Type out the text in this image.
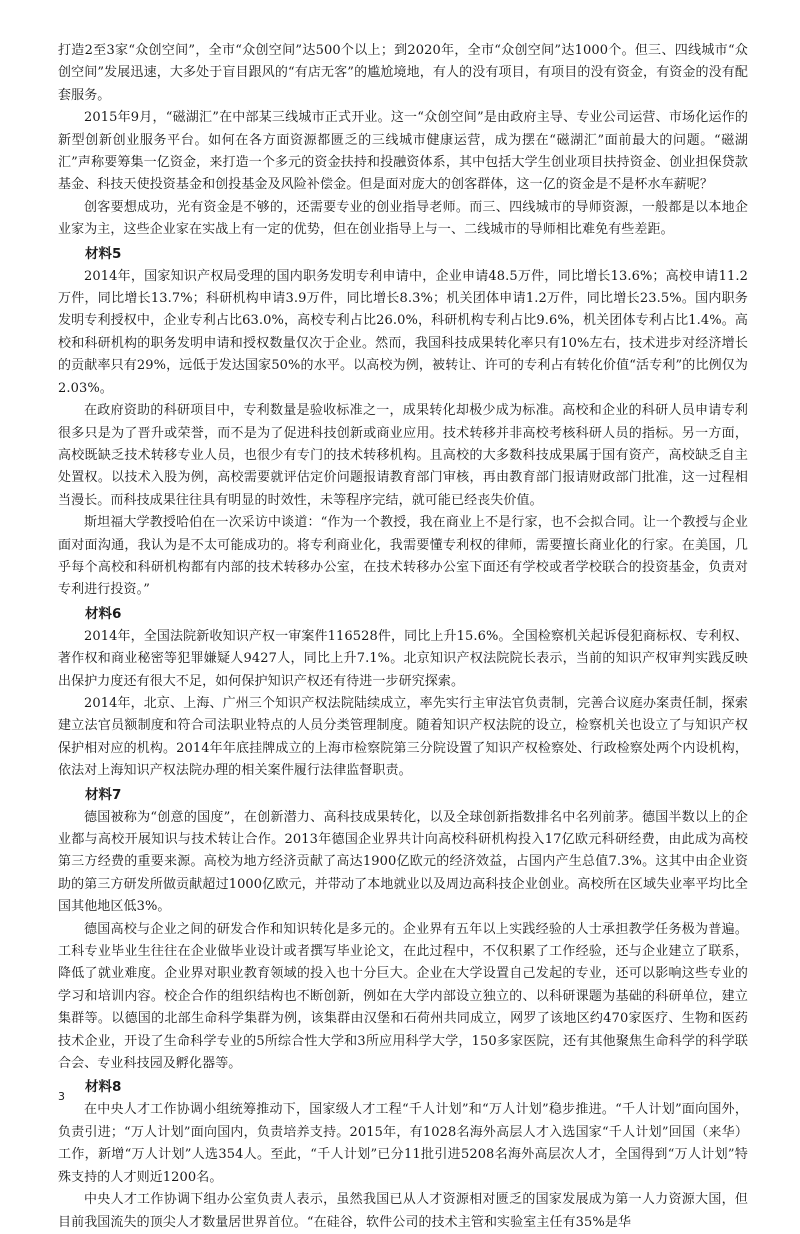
打造2至3家“众创空间”，全市“众创空间”达500个以上；到2020年，全市“众创空间”达1000个。但三、四线城市“众创空间”发展迅速，大多处于盲目跟风的“有店无客”的尴尬境地，有人的没有项目，有项目的没有资金，有资金的没有配套服务。

2015年9月，“磁湖汇”在中部某三线城市正式开业。这一“众创空间”是由政府主导、专业公司运营、市场化运作的新型创新创业服务平台。如何在各方面资源都匮乏的三线城市健康运营，成为摆在“磁湖汇”面前最大的问题。“磁湖汇”声称要筹集一亿资金，来打造一个多元的资金扶持和投融资体系，其中包括大学生创业项目扶持资金、创业担保贷款基金、科技天使投资基金和创投基金及风险补偿金。但是面对庞大的创客群体，这一亿的资金是不是杯水车薪呢？

创客要想成功，光有资金是不够的，还需要专业的创业指导老师。而三、四线城市的导师资源，一般都是以本地企业家为主，这些企业家在实战上有一定的优势，但在创业指导上与一、二线城市的导师相比难免有些差距。

材料5

2014年，国家知识产权局受理的国内职务发明专利申请中，企业申请48.5万件，同比增长13.6%；高校申请11.2万件，同比增长13.7%；科研机构申请3.9万件，同比增长8.3%；机关团体申请1.2万件，同比增长23.5%。国内职务发明专利授权中，企业专利占比63.0%，高校专利占比26.0%，科研机构专利占比9.6%，机关团体专利占比1.4%。高校和科研机构的职务发明申请和授权数量仅次于企业。然而，我国科技成果转化率只有10%左右，技术进步对经济增长的贡献率只有29%，远低于发达国家50%的水平。以高校为例，被转让、许可的专利占有转化价值“活专利”的比例仅为2.03%。

在政府资助的科研项目中，专利数量是验收标准之一，成果转化却极少成为标准。高校和企业的科研人员申请专利很多只是为了晋升或荣誉，而不是为了促进科技创新或商业应用。技术转移并非高校考核科研人员的指标。另一方面，高校既缺乏技术转移专业人员，也很少有专门的技术转移机构。且高校的大多数科技成果属于国有资产，高校缺乏自主处置权。以技术入股为例，高校需要就评估定价问题报请教育部门审核，再由教育部门报请财政部门批准，这一过程相当漫长。而科技成果往往具有明显的时效性，未等程序完结，就可能已经丧失价值。

斯坦福大学教授哈伯在一次采访中谈道：“作为一个教授，我在商业上不是行家，也不会拟合同。让一个教授与企业面对面沟通，我认为是不太可能成功的。将专利商业化，我需要懂专利权的律师，需要擅长商业化的行家。在美国，几乎每个高校和科研机构都有内部的技术转移办公室，在技术转移办公室下面还有学校或者学校联合的投资基金，负责对专利进行投资。”

材料6

2014年，全国法院新收知识产权一审案件116528件，同比上升15.6%。全国检察机关起诉侵犯商标权、专利权、著作权和商业秘密等犯罪嫌疑人9427人，同比上升7.1%。北京知识产权法院院长表示，当前的知识产权审判实践反映出保护力度还有很大不足，如何保护知识产权还有待进一步研究探索。

2014年，北京、上海、广州三个知识产权法院陆续成立，率先实行主审法官负责制，完善合议庭办案责任制，探索建立法官员额制度和符合司法职业特点的人员分类管理制度。随着知识产权法院的设立，检察机关也设立了与知识产权保护相对应的机构。2014年年底挂牌成立的上海市检察院第三分院设置了知识产权检察处、行政检察处两个内设机构，依法对上海知识产权法院办理的相关案件履行法律监督职责。

材料7

德国被称为“创意的国度”，在创新潜力、高科技成果转化，以及全球创新指数排名中名列前茅。德国半数以上的企业都与高校开展知识与技术转让合作。2013年德国企业界共计向高校科研机构投入17亿欧元科研经费，由此成为高校第三方经费的重要来源。高校为地方经济贡献了高达1900亿欧元的经济效益，占国内产生总值7.3%。这其中由企业资助的第三方研发所做贡献超过1000亿欧元，并带动了本地就业以及周边高科技企业创业。高校所在区域失业率平均比全国其他地区低3%。

德国高校与企业之间的研发合作和知识转化是多元的。企业界有五年以上实践经验的人士承担教学任务极为普遍。工科专业毕业生往往在企业做毕业设计或者撰写毕业论文，在此过程中，不仅积累了工作经验，还与企业建立了联系，降低了就业难度。企业界对职业教育领域的投入也十分巨大。企业在大学设置自己发起的专业，还可以影响这些专业的学习和培训内容。校企合作的组织结构也不断创新，例如在大学内部设立独立的、以科研课题为基础的科研单位，建立集群等。以德国的北部生命科学集群为例，该集群由汉堡和石荷州共同成立，网罗了该地区约470家医疗、生物和医药技术企业，开设了生命科学专业的5所综合性大学和3所应用科学大学，150多家医院，还有其他聚焦生命科学的科学联合会、专业科技园及孵化器等。

材料8

在中央人才工作协调小组统筹推动下，国家级人才工程“千人计划”和“万人计划”稳步推进。“千人计划”面向国外，负责引进；“万人计划”面向国内，负责培养支持。2015年，有1028名海外高层人才入选国家“千人计划”回国（来华）工作，新增“万人计划”人选354人。至此，“千人计划”已分11批引进5208名海外高层次人才，全国得到“万人计划”特殊支持的人才则近1200名。

中央人才工作协调下组办公室负责人表示，虽然我国已从人才资源相对匮乏的国家发展成为第一人力资源大国，但目前我国流失的顶尖人才数量居世界首位。“在硅谷，软件公司的技术主管和实验室主任有35%是华

3
